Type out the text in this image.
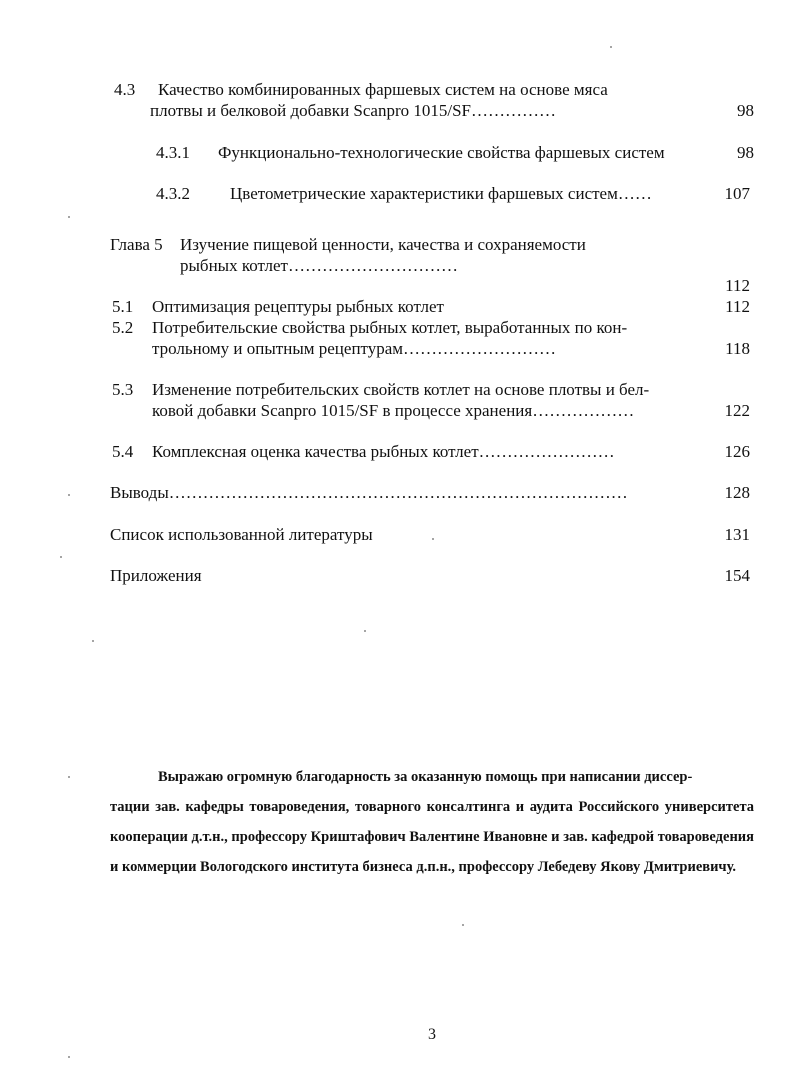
4.3 Качество комбинированных фаршевых систем на основе мяса
плотвы и белковой добавки Scanpro 1015/SF……………	98
4.3.1 Функционально-технологические свойства фаршевых систем	98
4.3.2 Цветометрические характеристики фаршевых систем……	107
Глава 5 Изучение пищевой ценности, качества и сохраняемости
рыбных котлет…………………………
112
5.1 Оптимизация рецептуры рыбных котлет	112
5.2 Потребительские свойства рыбных котлет, выработанных по кон-
трольному и опытным рецептурам………………………	118
5.3 Изменение потребительских свойств котлет на основе плотвы и бел-
ковой добавки Scanpro 1015/SF в процессе хранения………………	122
5.4 Комплексная оценка качества рыбных котлет……………………	126
Выводы………………………………………………………………………	128
Список использованной литературы	131
Приложения	154
Выражаю огромную благодарность за оказанную помощь при написании диссер-
тации зав. кафедры товароведения, товарного консалтинга и аудита Российского университета кооперации д.т.н., профессору Криштафович Валентине Ивановне и зав. кафедрой товароведения и коммерции Вологодского института бизнеса д.п.н., профессору Лебедеву Якову Дмитриевичу.
3
